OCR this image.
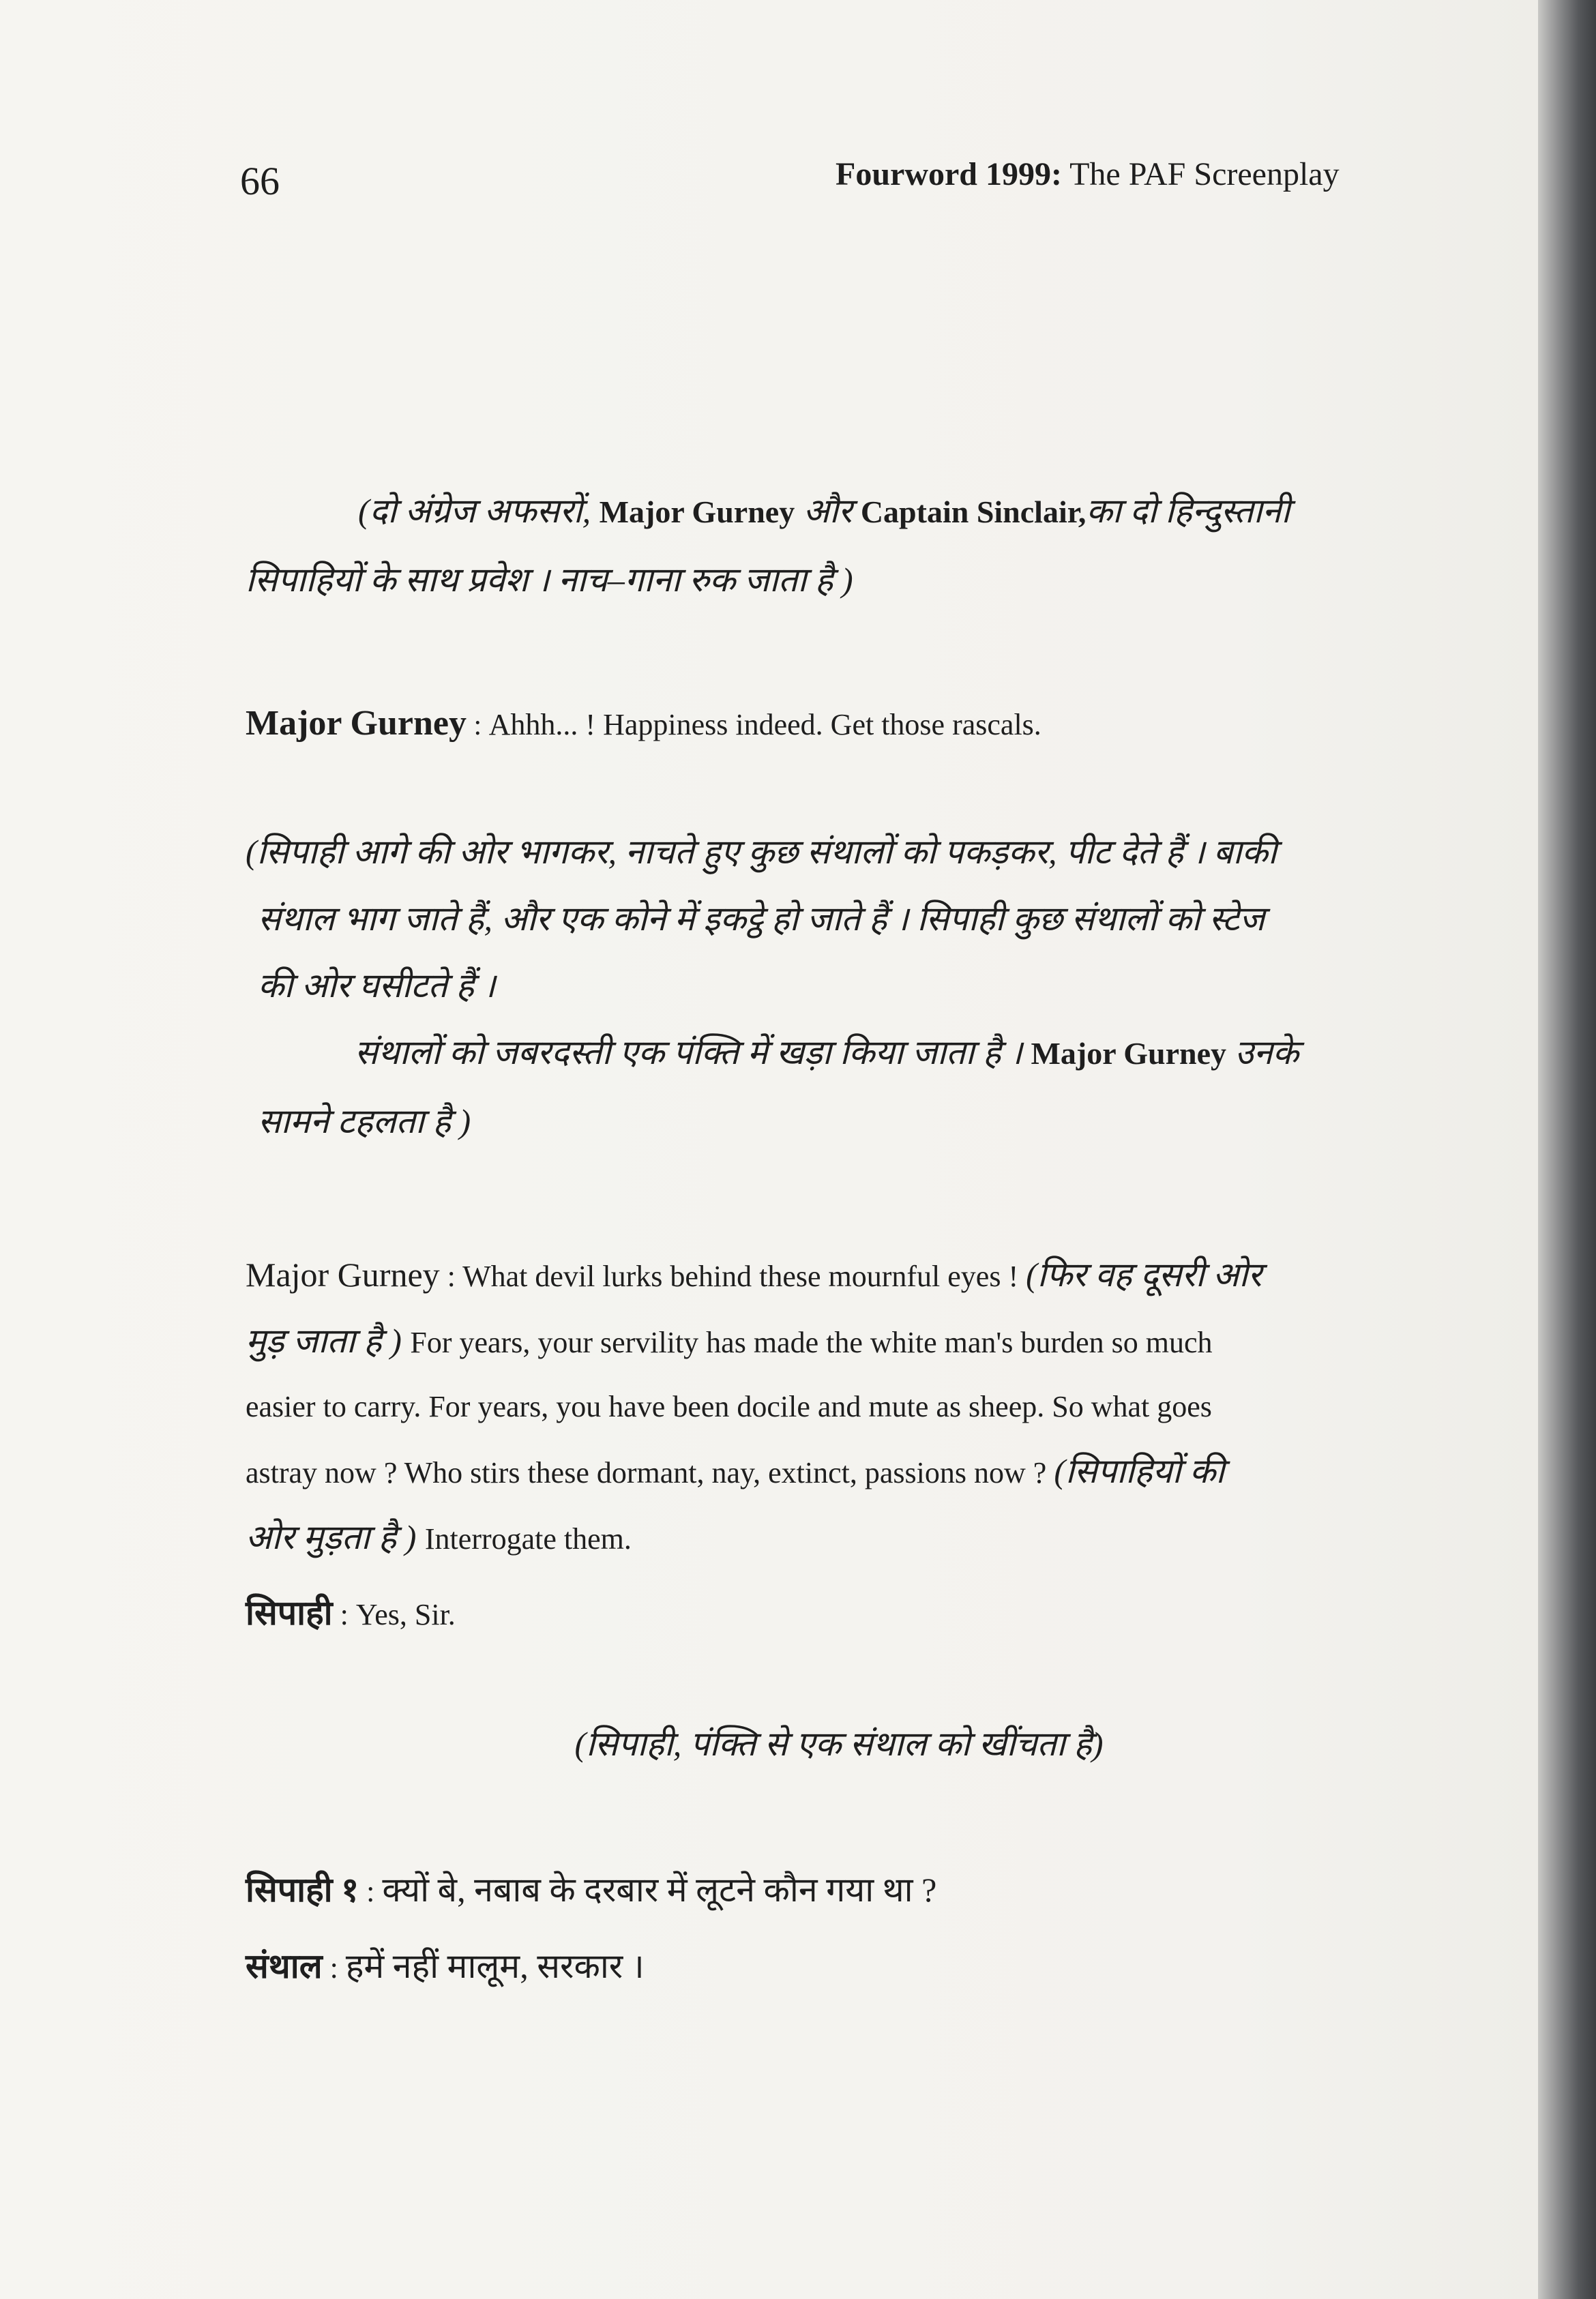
66	Fourword 1999: The PAF Screenplay
(दो अंग्रेज अफसरों, Major Gurney और Captain Sinclair,का दो हिन्दुस्तानी
सिपाहियों के साथ प्रवेश । नाच–गाना रुक जाता है )
Major Gurney : Ahhh... ! Happiness indeed. Get those rascals.
(सिपाही आगे की ओर भागकर, नाचते हुए कुछ संथालों को पकड़कर, पीट देते हैं । बाकी
संथाल भाग जाते हैं, और एक कोने में इकट्ठे हो जाते हैं । सिपाही कुछ संथालों को स्टेज
की ओर घसीटते हैं ।
संथालों को जबरदस्ती एक पंक्ति में खड़ा किया जाता है । Major Gurney उनके
सामने टहलता है )
Major Gurney : What devil lurks behind these mournful eyes ! (फिर वह दूसरी ओर
मुड़ जाता है ) For years, your servility has made the white man's burden so much
easier to carry. For years, you have been docile and mute as sheep. So what goes
astray now ? Who stirs these dormant, nay, extinct, passions now ? (सिपाहियों की
ओर मुड़ता है ) Interrogate them.
सिपाही : Yes, Sir.
(सिपाही, पंक्ति से एक संथाल को खींचता है)
सिपाही १ : क्यों बे, नबाब के दरबार में लूटने कौन गया था ?
संथाल : हमें नहीं मालूम, सरकार ।
